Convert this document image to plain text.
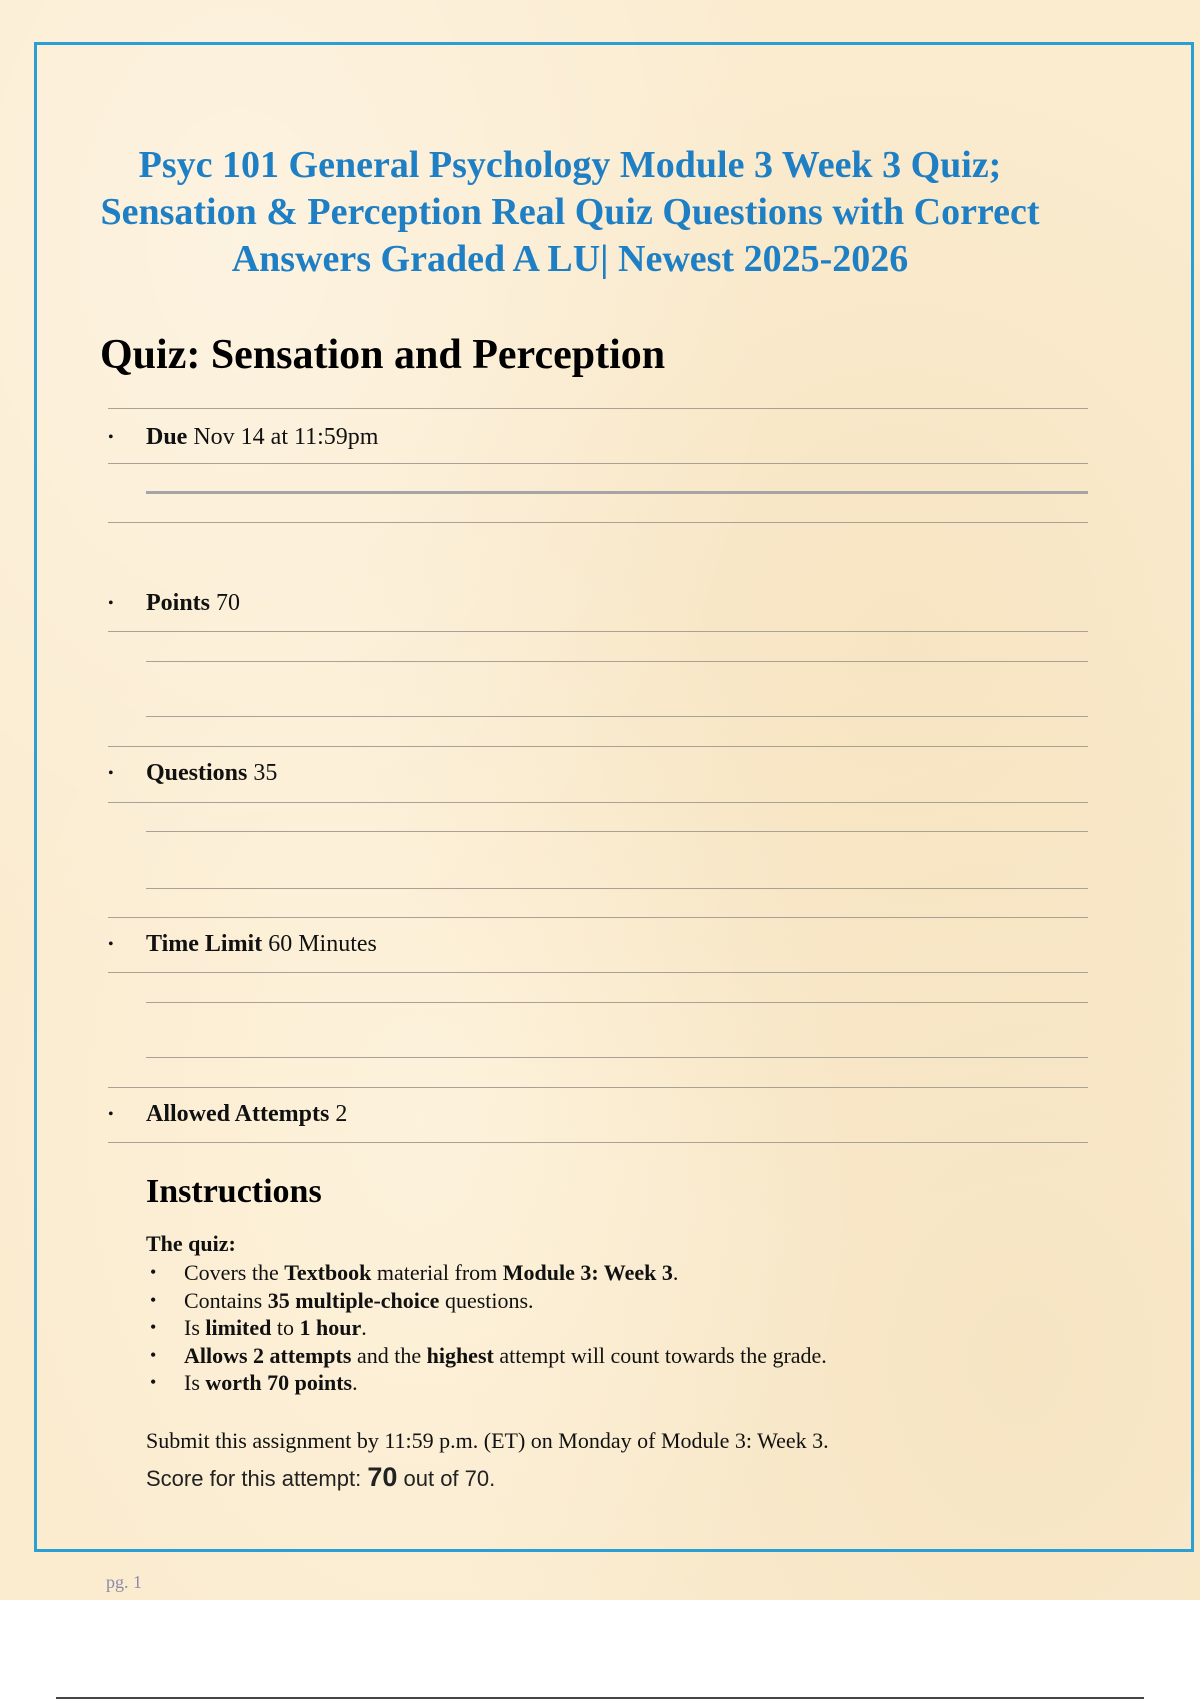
Psyc 101 General Psychology Module 3 Week 3 Quiz; Sensation & Perception Real Quiz Questions with Correct Answers Graded A LU| Newest 2025-2026
Quiz: Sensation and Perception
• Due Nov 14 at 11:59pm
• Points 70
• Questions 35
• Time Limit 60 Minutes
• Allowed Attempts 2
Instructions
The quiz:
• Covers the Textbook material from Module 3: Week 3.
• Contains 35 multiple-choice questions.
• Is limited to 1 hour.
• Allows 2 attempts and the highest attempt will count towards the grade.
• Is worth 70 points.
Submit this assignment by 11:59 p.m. (ET) on Monday of Module 3: Week 3.
Score for this attempt: 70 out of 70.
pg. 1
